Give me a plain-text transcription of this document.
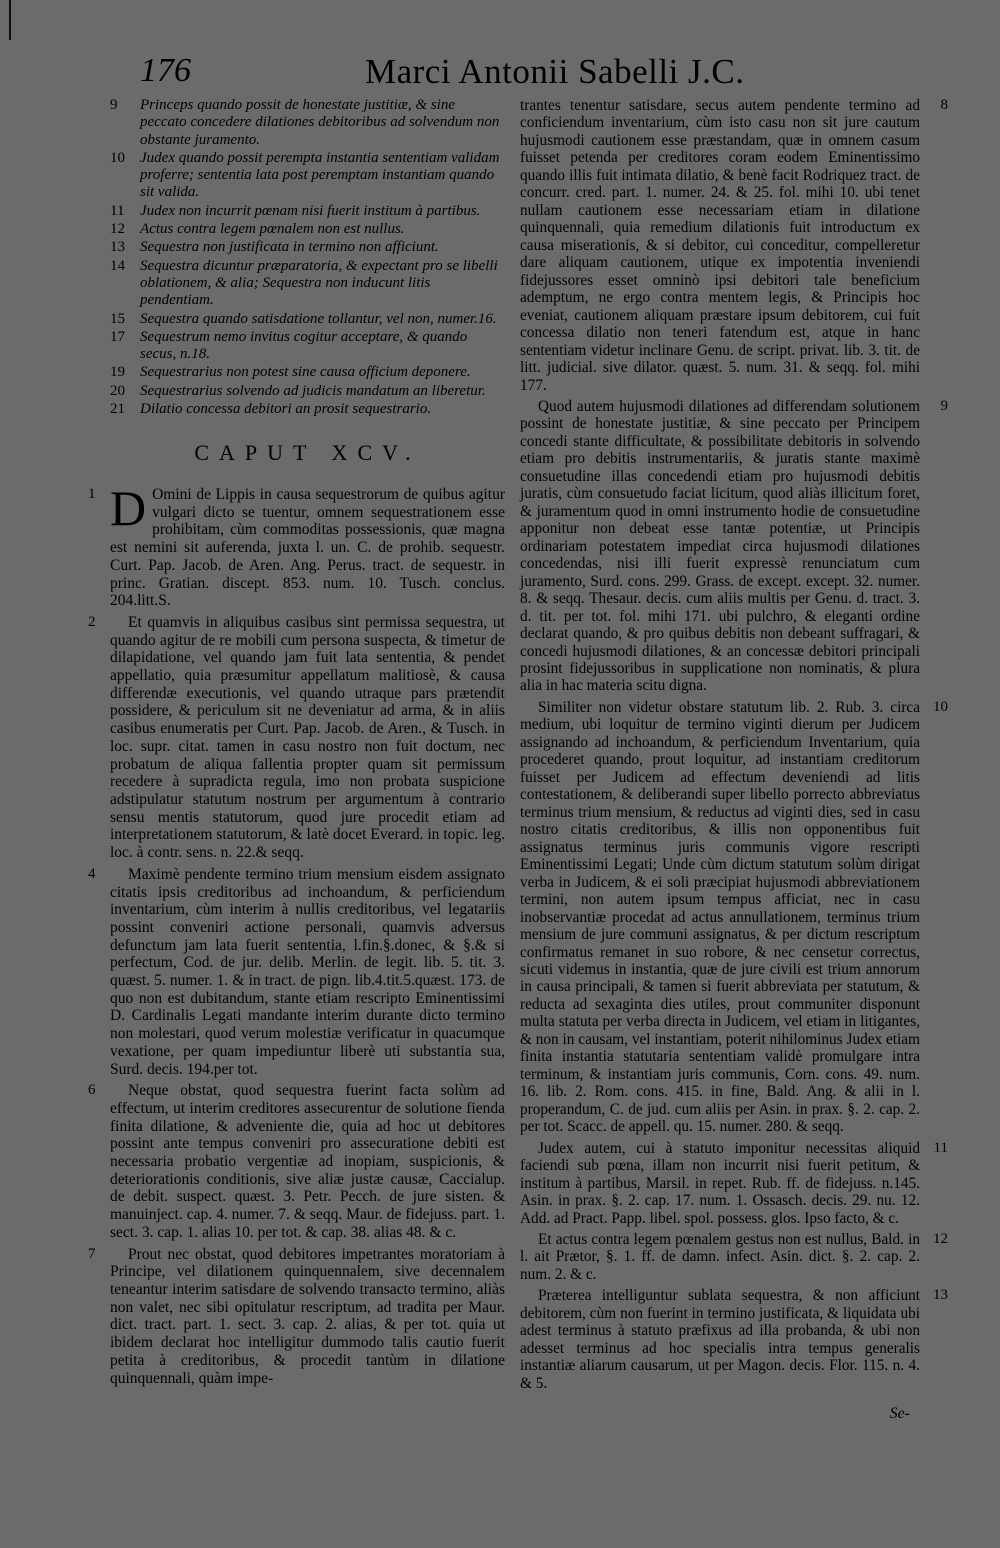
176	Marci Antonii Sabelli J.C.
9	Princeps quando possit de honestate justitiæ, & sine peccato concedere dilationes debitoribus ad solvendum non obstante juramento.
10	Judex quando possit perempta instantia sententiam validam proferre; sententia lata post peremptam instantiam quando sit valida.
11	Judex non incurrit pœnam nisi fuerit institum à partibus.
12	Actus contra legem pœnalem non est nullus.
13	Sequestra non justificata in termino non afficiunt.
14	Sequestra dicuntur præparatoria, & expectant pro se libelli oblationem, & alia; Sequestra non inducunt litis pendentiam.
15	Sequestra quando satisdatione tollantur, vel non, numer.16.
17	Sequestrum nemo invitus cogitur acceptare, & quando secus, n.18.
19	Sequestrarius non potest sine causa officium deponere.
20	Sequestrarius solvendo ad judicis mandatum an liberetur.
21	Dilatio concessa debitori an prosit sequestrario.
CAPUT XCV.

1 D Omini de Lippis in causa sequestrorum de quibus agitur vulgari dicto se tuentur, omnem sequestrationem esse prohibitam, cùm commoditas possessionis, quæ magna est nemini sit auferenda, juxta l. un. C. de prohib. sequestr. Curt. Pap. Jacob. de Aren. Ang. Perus. tract. de sequestr. in princ. Gratian. discept. 853. num. 10. Tusch. conclus. 204.litt.S.

2 Et quamvis in aliquibus casibus sint permissa sequestra, ut quando agitur de re mobili cum persona suspecta, & timetur de dilapidatione, vel quando jam fuit lata sententia, & pendet appellatio, quia præsumitur appellatum malitiosè, & causa differendæ executionis, vel quando utraque pars prætendit possidere, & periculum sit ne deveniatur ad arma, & in aliis casibus enumeratis per Curt. Pap. Jacob. de Aren., & Tusch. in loc. supr. citat. tamen in casu nostro non fuit doctum, nec probatum de aliqua fallentia propter quam sit permissum recedere à supradicta regula, imo non probata suspicione adstipulatur statutum nostrum per argumentum à contrario sensu mentis statutorum, quod jure procedit etiam ad interpretationem statutorum, & latè docet Everard. in topic. leg. loc. à contr. sens. n. 22.& seqq.

4 Maximè pendente termino trium mensium eisdem assignato citatis ipsis creditoribus ad inchoandum, & perficiendum inventarium, cùm interim à nullis creditoribus, vel legatariis possint conveniri actione personali, quamvis adversus defunctum jam lata fuerit sententia, l.fin.§.donec, & §.& si perfectum, Cod. de jur. delib. Merlin. de legit. lib. 5. tit. 3. quæst. 5. numer. 1. & in tract. de pign. lib.4.tit.5.quæst. 173. de quo non est dubitandum, stante etiam rescripto Eminentissimi D. Cardinalis Legati mandante interim durante dicto termino non molestari, quod verum molestiæ verificatur in quacumque vexatione, per quam impediuntur liberè uti substantia sua, Surd. decis. 194.per tot.

6 Neque obstat, quod sequestra fuerint facta solùm ad effectum, ut interim creditores assecurentur de solutione fienda finita dilatione, & adveniente die, quia ad hoc ut debitores possint ante tempus conveniri pro assecuratione debiti est necessaria probatio vergentiæ ad inopiam, suspicionis, & deteriorationis conditionis, sive aliæ justæ causæ, Caccialup. de debit. suspect. quæst. 3. Petr. Pecch. de jure sisten. & manuinject. cap. 4. numer. 7. & seqq. Maur. de fidejuss. part. 1. sect. 3. cap. 1. alias 10. per tot. & cap. 38. alias 48. & c.

7 Prout nec obstat, quod debitores impetrantes moratoriam à Principe, vel dilationem quinquennalem, sive decennalem teneantur interim satisdare de solvendo transacto termino, aliàs non valet, nec sibi opitulatur rescriptum, ad tradita per Maur. dict. tract. part. 1. sect. 3. cap. 2. alias, & per tot. quia ut ibidem declarat hoc intelligitur dummodo talis cautio fuerit petita à creditoribus, & procedit tantùm in dilatione quinquennali, quàm impe-

8
trantes tenentur satisdare, secus autem pendente termino ad conficiendum inventarium, cùm isto casu non sit jure cautum hujusmodi cautionem esse præstandam, quæ in omnem casum fuisset petenda per creditores coram eodem Eminentissimo quando illis fuit intimata dilatio, & benè facit Rodriquez tract. de concurr. cred. part. 1. numer. 24. & 25. fol. mihi 10. ubi tenet nullam cautionem esse necessariam etiam in dilatione quinquennali, quia remedium dilationis fuit introductum ex causa miserationis, & si debitor, cui conceditur, compelleretur dare aliquam cautionem, utique ex impotentia inveniendi fidejussores esset omninò ipsi debitori tale beneficium ademptum, ne ergo contra mentem legis, & Principis hoc eveniat, cautionem aliquam præstare ipsum debitorem, cui fuit concessa dilatio non teneri fatendum est, atque in hanc sententiam videtur inclinare Genu. de script. privat. lib. 3. tit. de litt. judicial. sive dilator. quæst. 5. num. 31. & seqq. fol. mihi 177.

9
Quod autem hujusmodi dilationes ad differendam solutionem possint de honestate justitiæ, & sine peccato per Principem concedi stante difficultate, & possibilitate debitoris in solvendo etiam pro debitis instrumentariis, & juratis stante maximè consuetudine illas concedendi etiam pro hujusmodi debitis juratis, cùm consuetudo faciat licitum, quod aliàs illicitum foret, & juramentum quod in omni instrumento hodie de consuetudine apponitur non debeat esse tantæ potentiæ, ut Principis ordinariam potestatem impediat circa hujusmodi dilationes concedendas, nisi illi fuerit expressè renunciatum cum juramento, Surd. cons. 299. Grass. de except. except. 32. numer. 8. & seqq. Thesaur. decis. cum aliis multis per Genu. d. tract. 3. d. tit. per tot. fol. mihi 171. ubi pulchro, & eleganti ordine declarat quando, & pro quibus debitis non debeant suffragari, & concedi hujusmodi dilationes, & an concessæ debitori principali prosint fidejussoribus in supplicatione non nominatis, & plura alia in hac materia scitu digna.

10
Similiter non videtur obstare statutum lib. 2. Rub. 3. circa medium, ubi loquitur de termino viginti dierum per Judicem assignando ad inchoandum, & perficiendum Inventarium, quia procederet quando, prout loquitur, ad instantiam creditorum fuisset per Judicem ad effectum deveniendi ad litis contestationem, & deliberandi super libello porrecto abbreviatus terminus trium mensium, & reductus ad viginti dies, sed in casu nostro citatis creditoribus, & illis non opponentibus fuit assignatus terminus juris communis vigore rescripti Eminentissimi Legati; Unde cùm dictum statutum solùm dirigat verba in Judicem, & ei soli præcipiat hujusmodi abbreviationem termini, non autem ipsum tempus afficiat, nec in casu inobservantiæ procedat ad actus annullationem, terminus trium mensium de jure communi assignatus, & per dictum rescriptum confirmatus remanet in suo robore, & nec censetur correctus, sicuti videmus in instantia, quæ de jure civili est trium annorum in causa principali, & tamen si fuerit abbreviata per statutum, & reducta ad sexaginta dies utiles, prout communiter disponunt multa statuta per verba directa in Judicem, vel etiam in litigantes, & non in causam, vel instantiam, poterit nihilominus Judex etiam finita instantia statutaria sententiam validè promulgare intra terminum, & instantiam juris communis, Corn. cons. 49. num. 16. lib. 2. Rom. cons. 415. in fine, Bald. Ang. & alii in l. properandum, C. de jud. cum aliis per Asin. in prax. §. 2. cap. 2. per tot. Scacc. de appell. qu. 15. numer. 280. & seqq.

11
Judex autem, cui à statuto imponitur necessitas aliquid faciendi sub pœna, illam non incurrit nisi fuerit petitum, & institum à partibus, Marsil. in repet. Rub. ff. de fidejuss. n.145. Asin. in prax. §. 2. cap. 17. num. 1. Ossasch. decis. 29. nu. 12. Add. ad Pract. Papp. libel. spol. possess. glos. Ipso facto, & c.

12
Et actus contra legem pœnalem gestus non est nullus, Bald. in l. ait Prætor, §. 1. ff. de damn. infect. Asin. dict. §. 2. cap. 2. num. 2. & c.

13
Præterea intelliguntur sublata sequestra, & non afficiunt debitorem, cùm non fuerint in termino justificata, & liquidata ubi adest terminus à statuto præfixus ad illa probanda, & ubi non adesset terminus ad hoc specialis intra tempus generalis instantiæ aliarum causarum, ut per Magon. decis. Flor. 115. n. 4. & 5.

Se-
